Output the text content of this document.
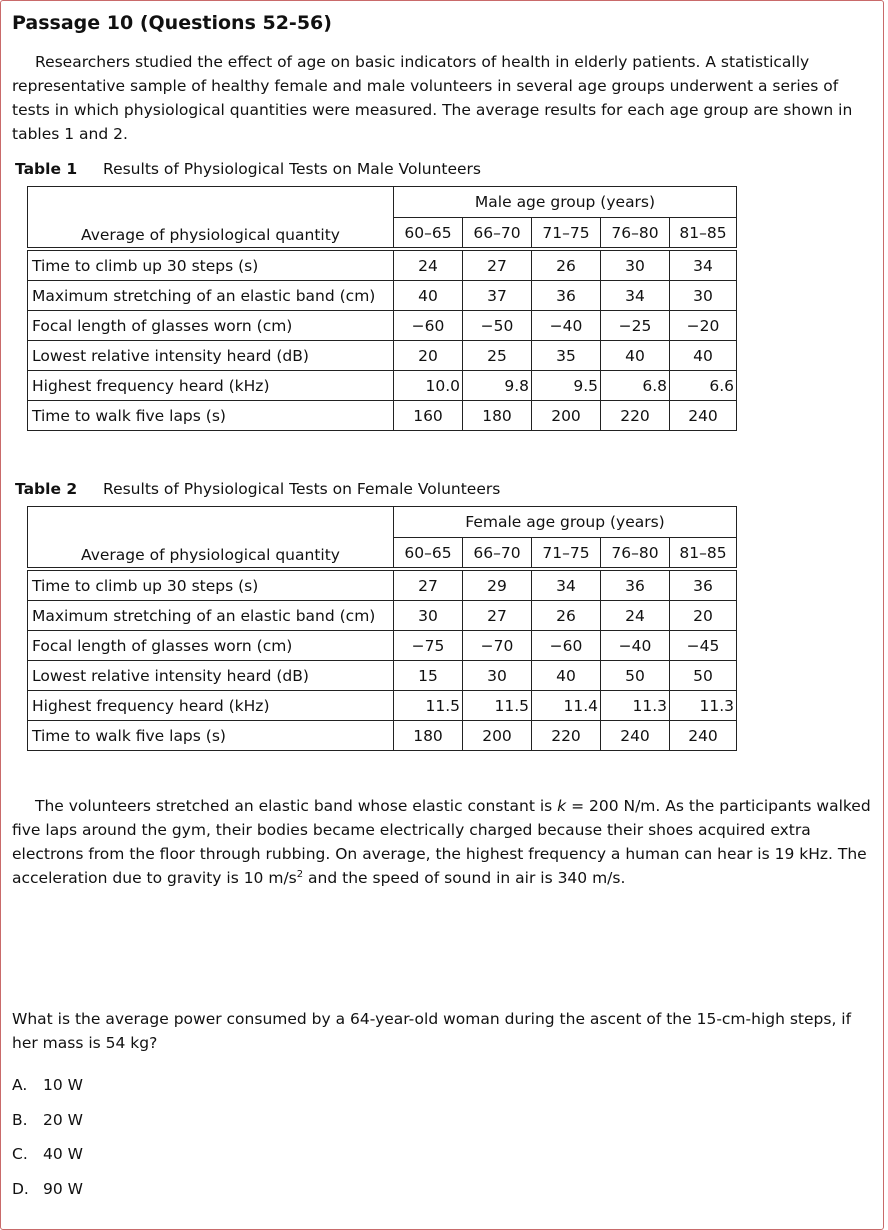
Passage 10 (Questions 52-56)
Researchers studied the effect of age on basic indicators of health in elderly patients. A statistically representative sample of healthy female and male volunteers in several age groups underwent a series of tests in which physiological quantities were measured. The average results for each age group are shown in tables 1 and 2.
Table 1 Results of Physiological Tests on Male Volunteers
Average of physiological quantity	Male age group (years)				
	60–65	66–70	71–75	76–80	81–85

Time to climb up 30 steps (s)	24	27	26	30	34
Maximum stretching of an elastic band (cm)	40	37	36	34	30
Focal length of glasses worn (cm)	−60	−50	−40	−25	−20
Lowest relative intensity heard (dB)	20	25	35	40	40
Highest frequency heard (kHz)	10.0	9.8	9.5	6.8	6.6
Time to walk five laps (s)	160	180	200	220	240
Table 2 Results of Physiological Tests on Female Volunteers
Average of physiological quantity	Female age group (years)				
	60–65	66–70	71–75	76–80	81–85

Time to climb up 30 steps (s)	27	29	34	36	36
Maximum stretching of an elastic band (cm)	30	27	26	24	20
Focal length of glasses worn (cm)	−75	−70	−60	−40	−45
Lowest relative intensity heard (dB)	15	30	40	50	50
Highest frequency heard (kHz)	11.5	11.5	11.4	11.3	11.3
Time to walk five laps (s)	180	200	220	240	240
The volunteers stretched an elastic band whose elastic constant is k = 200 N/m. As the participants walked five laps around the gym, their bodies became electrically charged because their shoes acquired extra electrons from the floor through rubbing. On average, the highest frequency a human can hear is 19 kHz. The acceleration due to gravity is 10 $m/s^2$ and the speed of sound in air is 340 m/s.
What is the average power consumed by a 64-year-old woman during the ascent of the 15-cm-high steps, if her mass is 54 kg?
A. 10 W
B. 20 W
C. 40 W
D. 90 W
